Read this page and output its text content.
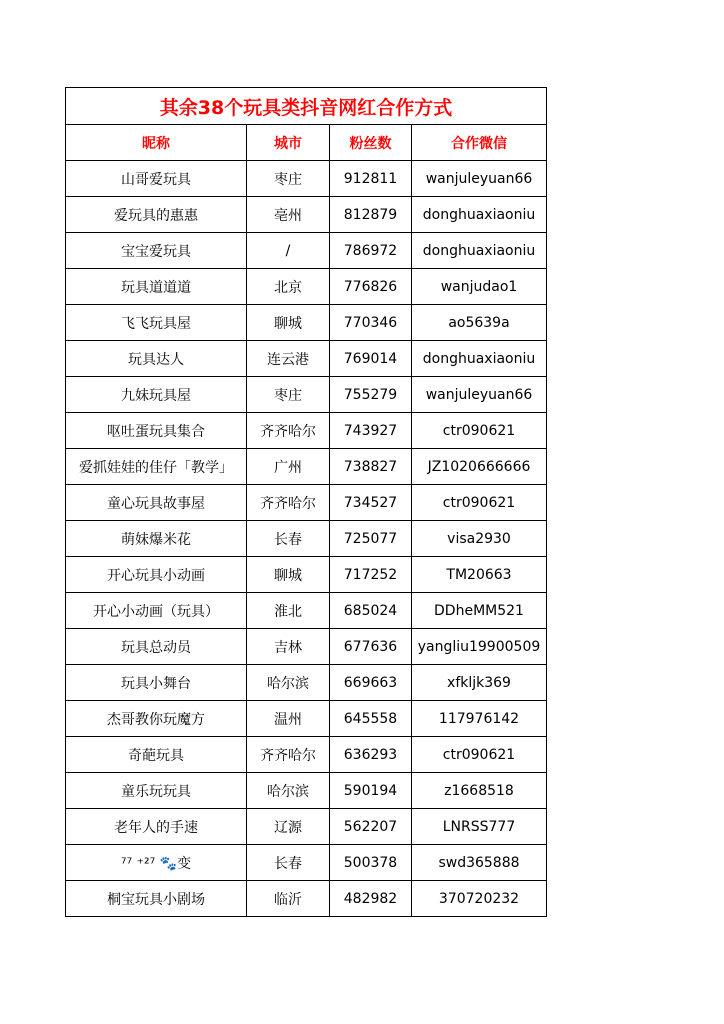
其余38个玩具类抖音网红合作方式			
昵称	城市	粉丝数	合作微信
山哥爱玩具	枣庄	912811	wanjuleyuan66
爱玩具的惠惠	亳州	812879	donghuaxiaoniu
宝宝爱玩具	/	786972	donghuaxiaoniu
玩具道道道	北京	776826	wanjudao1
飞飞玩具屋	聊城	770346	ao5639a
玩具达人	连云港	769014	donghuaxiaoniu
九妹玩具屋	枣庄	755279	wanjuleyuan66
呕吐蛋玩具集合	齐齐哈尔	743927	ctr090621
爱抓娃娃的佳仔「教学」	广州	738827	JZ1020666666
童心玩具故事屋	齐齐哈尔	734527	ctr090621
萌妹爆米花	长春	725077	visa2930
开心玩具小动画	聊城	717252	TM20663
开心小动画（玩具）	淮北	685024	DDheMM521
玩具总动员	吉林	677636	yangliu19900509
玩具小舞台	哈尔滨	669663	xfkljk369
杰哥教你玩魔方	温州	645558	117976142
奇葩玩具	齐齐哈尔	636293	ctr090621
童乐玩玩具	哈尔滨	590194	z1668518
老年人的手速	辽源	562207	LNRSS777
⁷⁷ ⁺²⁷ 🐾变	长春	500378	swd365888
桐宝玩具小剧场	临沂	482982	370720232
